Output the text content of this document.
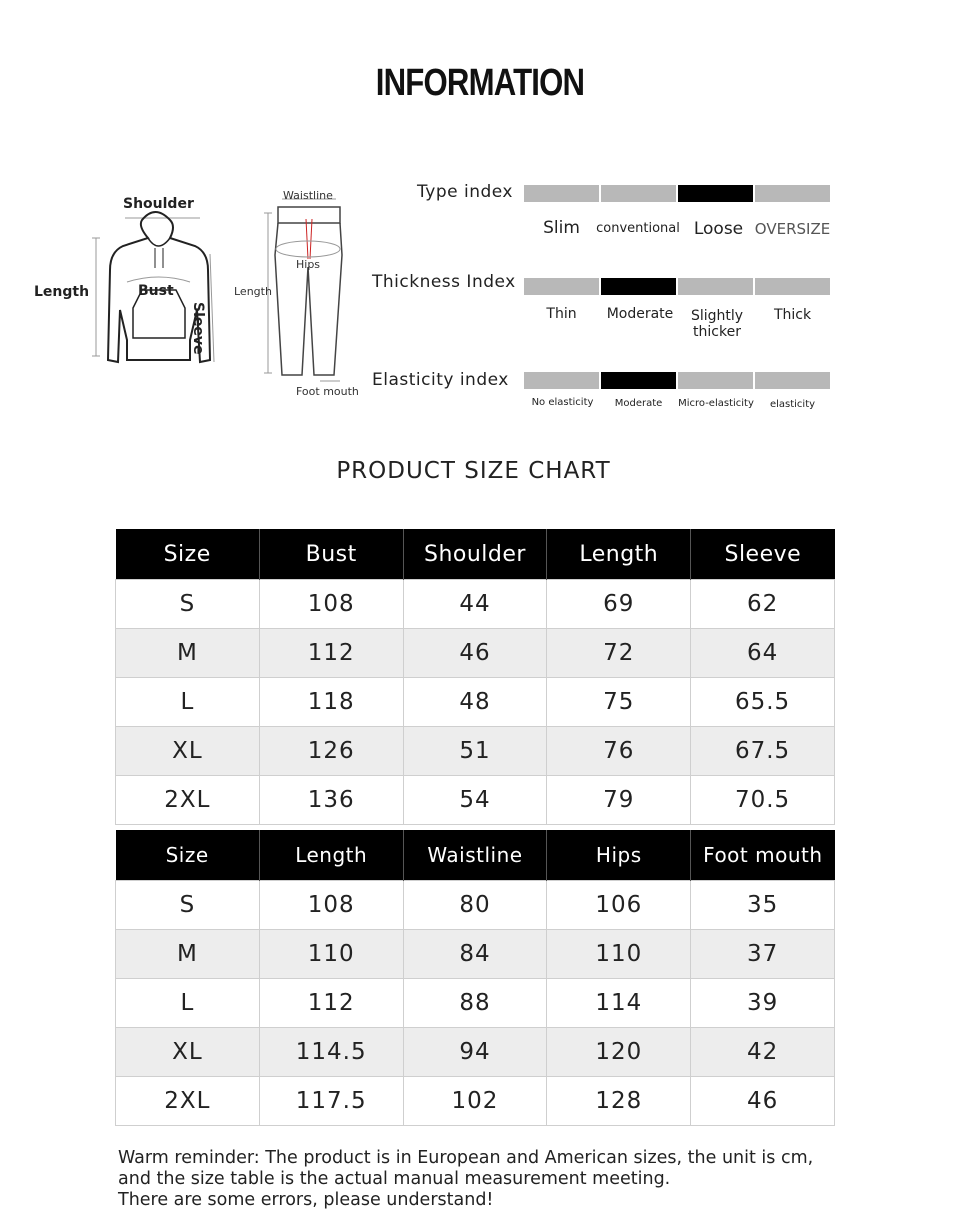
INFORMATION
Shoulder
Length	Bust
Sleeve
Waistline
Hips
Length
Foot mouth
Type index
Slim	conventional Loose OVERSIZE
Thickness Index
Thin	Moderate	Slightly thicker
Thick
Elasticity index
No elasticity	Moderate	Micro-elasticity	elasticity
PRODUCT SIZE CHART
Size	Bust	Shoulder	Length	Sleeve
S	108	44	69	62
M	112	46	72	64
L	118	48	75	65.5
XL	126	51	76	67.5
2XL	136	54	79	70.5
Size	Length	Waistline	Hips	Foot mouth
S	108	80	106	35
M	110	84	110	37
L	112	88	114	39
XL	114.5	94	120	42
2XL	117.5	102	128	46
Warm reminder: The product is in European and American sizes, the unit is cm, and the size table is the actual manual measurement meeting.
There are some errors, please understand!
